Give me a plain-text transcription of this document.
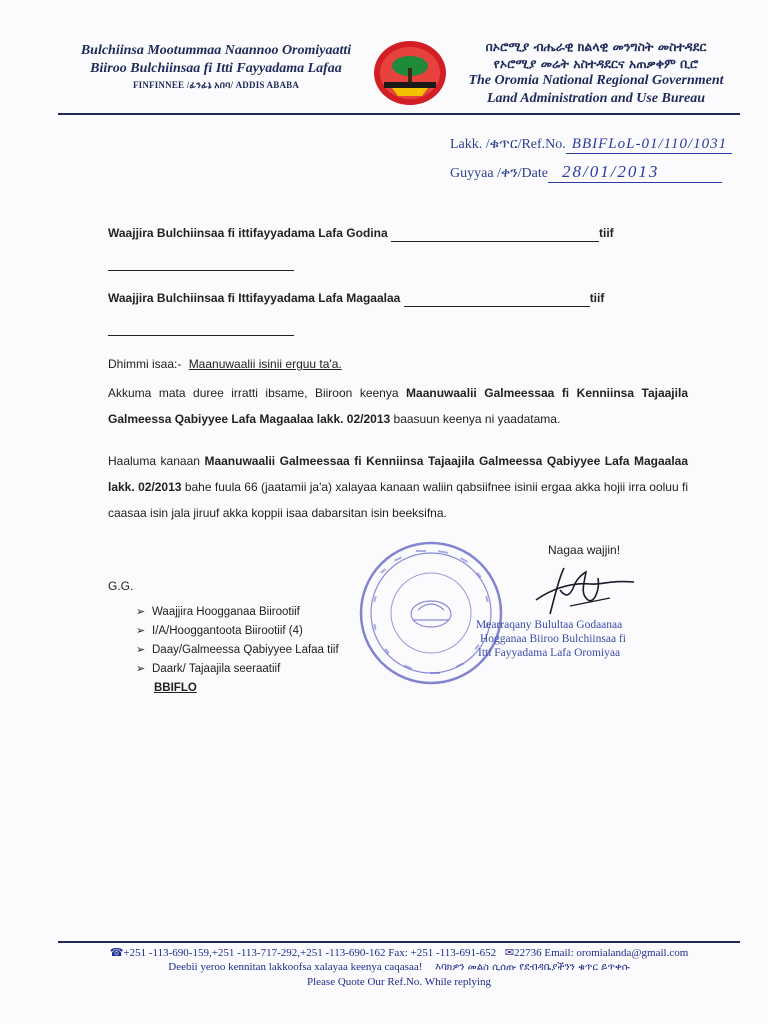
Bulchiinsa Mootummaa Naannoo Oromiyaatti
Biiroo Bulchiinsaa fi Itti Fayyadama Lafaa
FINFINNEE /ፊንፊኔ አበባ/ ADDIS ABABA
በኦሮሚያ ብሔራዊ ክልላዊ መንግስት መስተዳደር
የኦሮሚያ መሬት አስተዳደርና አጠቃቀም ቢሮ
The Oromia National Regional Government
Land Administration and Use Bureau
Lakk. /ቁጥር/Ref.No. BBIFLoL-01/110/1031
Guyyaa /ቀን/Date 28/01/2013
Waajjira Bulchiinsaa fi ittifayyadama Lafa Godina	tiif
Waajjira Bulchiinsaa fi Ittifayyadama Lafa Magaalaa	tiif
Dhimmi isaa:- Maanuwaalii isinii erguu ta'a.
Akkuma mata duree irratti ibsame, Biiroon keenya Maanuwaalii Galmeessaa fi Kenniinsa Tajaajila Galmeessa Qabiyyee Lafa Magaalaa lakk. 02/2013 baasuun keenya ni yaadatama.
Haaluma kanaan Maanuwaalii Galmeessaa fi Kenniinsa Tajaajila Galmeessa Qabiyyee Lafa Magaalaa lakk. 02/2013 bahe fuula 66 (jaatamii ja'a) xalayaa kanaan waliin qabsiifnee isinii ergaa akka hojii irra ooluu fi caasaa isin jala jiruuf akka koppii isaa dabarsitan isin beeksifna.
Nagaa wajjin!
Mearraqany Bulultaa Godaanaa
Hogganaa Biiroo Bulchiinsaa fi
Itti Fayyadama Lafa Oromiyaa
G.G.
➢ Waajjira Hoogganaa Biirootiif
➢ I/A/Hooggantoota Biirootiif (4)
➢ Daay/Galmeessa Qabiyyee Lafaa tiif
➢ Daark/ Tajaajila seeraatiif
BBIFLO
☎+251 -113-690-159,+251 -113-717-292,+251 -113-690-162 Fax: +251 -113-691-652 ✉22736 Email: oromialanda@gmail.com
Deebii yeroo kennitan lakkoofsa xalayaa keenya caqasaa! እባክዎን መልስ ሲሰጡ የደብዳቤያችንን ቁጥር ይጥቀሱ
Please Quote Our Ref.No. While replying
